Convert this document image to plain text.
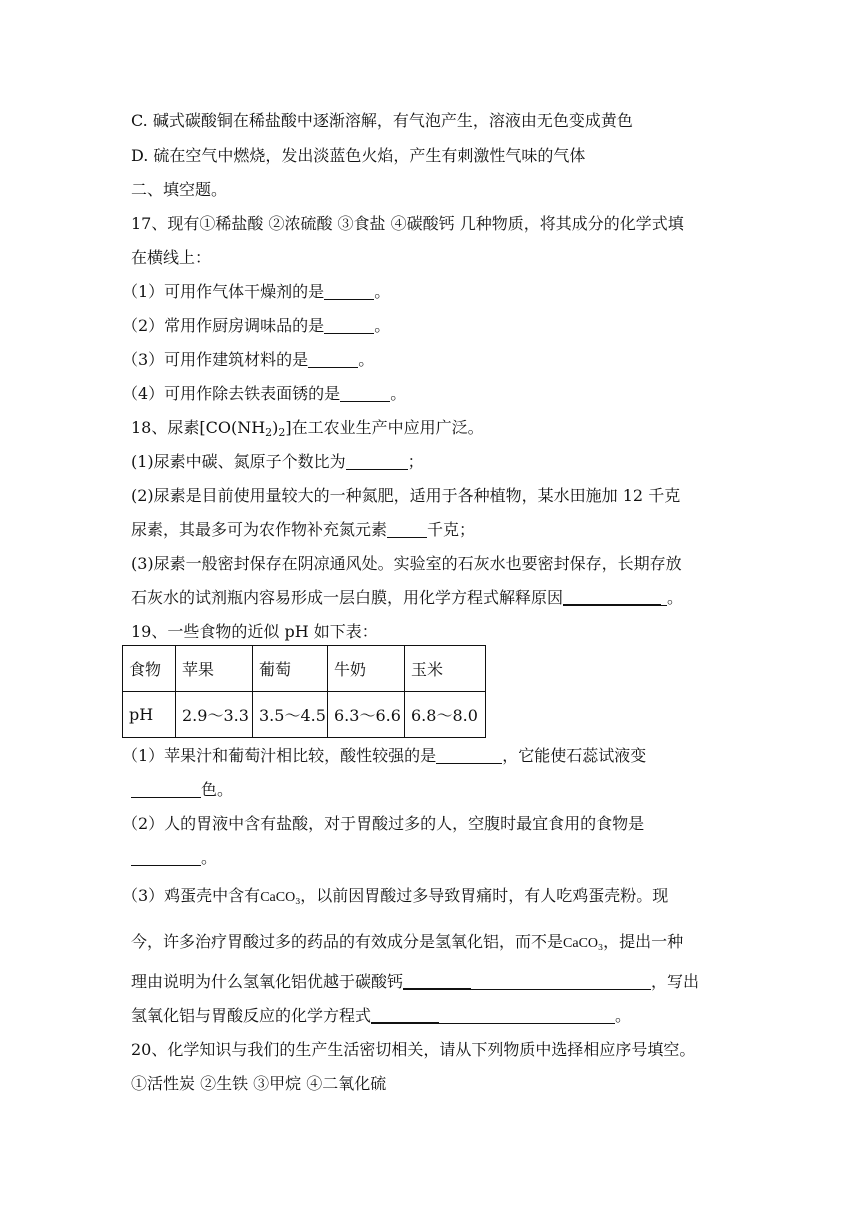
C. 碱式碳酸铜在稀盐酸中逐渐溶解，有气泡产生，溶液由无色变成黄色
D. 硫在空气中燃烧，发出淡蓝色火焰，产生有刺激性气味的气体
二、填空题。
17、现有①稀盐酸 ②浓硫酸 ③食盐 ④碳酸钙 几种物质，将其成分的化学式填
在横线上：
（1）可用作气体干燥剂的是	。
（2）常用作厨房调味品的是	。
（3）可用作建筑材料的是	。
（4）可用作除去铁表面锈的是	。
18、尿素$[CO(NH_2)_2]$在工农业生产中应用广泛。
(1)尿素中碳、氮原子个数比为	；
(2)尿素是目前使用量较大的一种氮肥，适用于各种植物，某水田施加 12 千克
尿素，其最多可为农作物补充氮元素	千克；
(3)尿素一般密封保存在阴凉通风处。实验室的石灰水也要密封保存，长期存放
石灰水的试剂瓶内容易形成一层白膜，用化学方程式解释原因	。
19、一些食物的近似 pH 如下表：
食物	苹果	葡萄	牛奶	玉米
pH	2.9～3.3	3.5～4.5	6.3～6.6	6.8～8.0
（1）苹果汁和葡萄汁相比较，酸性较强的是	，它能使石蕊试液变
色。
（2）人的胃液中含有盐酸，对于胃酸过多的人，空腹时最宜食用的食物是
。
（3）鸡蛋壳中含有CaCO3，以前因胃酸过多导致胃痛时，有人吃鸡蛋壳粉。现
今，许多治疗胃酸过多的药品的有效成分是氢氧化铝，而不是CaCO3，提出一种
理由说明为什么氢氧化铝优越于碳酸钙	，写出
氢氧化铝与胃酸反应的化学方程式	。
20、化学知识与我们的生产生活密切相关，请从下列物质中选择相应序号填空。
①活性炭 ②生铁 ③甲烷 ④二氧化硫
